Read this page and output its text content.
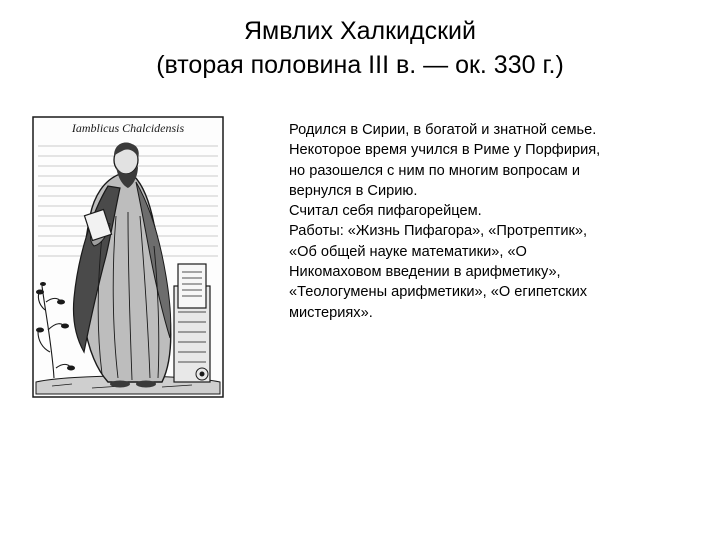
Ямвлих Халкидский
(вторая половина III в. — ок. 330 г.)
Iamblicus Chalcidensis	Родился в Сирии, в богатой и знатной семье.
Некоторое время учился в Риме у Порфирия,
но разошелся с ним по многим вопросам и
вернулся в Сирию.
Считал себя пифагорейцем.
Работы: «Жизнь Пифагора», «Протрептик»,
«Об общей науке математики», «О
Никомаховом введении в арифметику»,
«Теологумены арифметики», «О египетских
мистериях».
